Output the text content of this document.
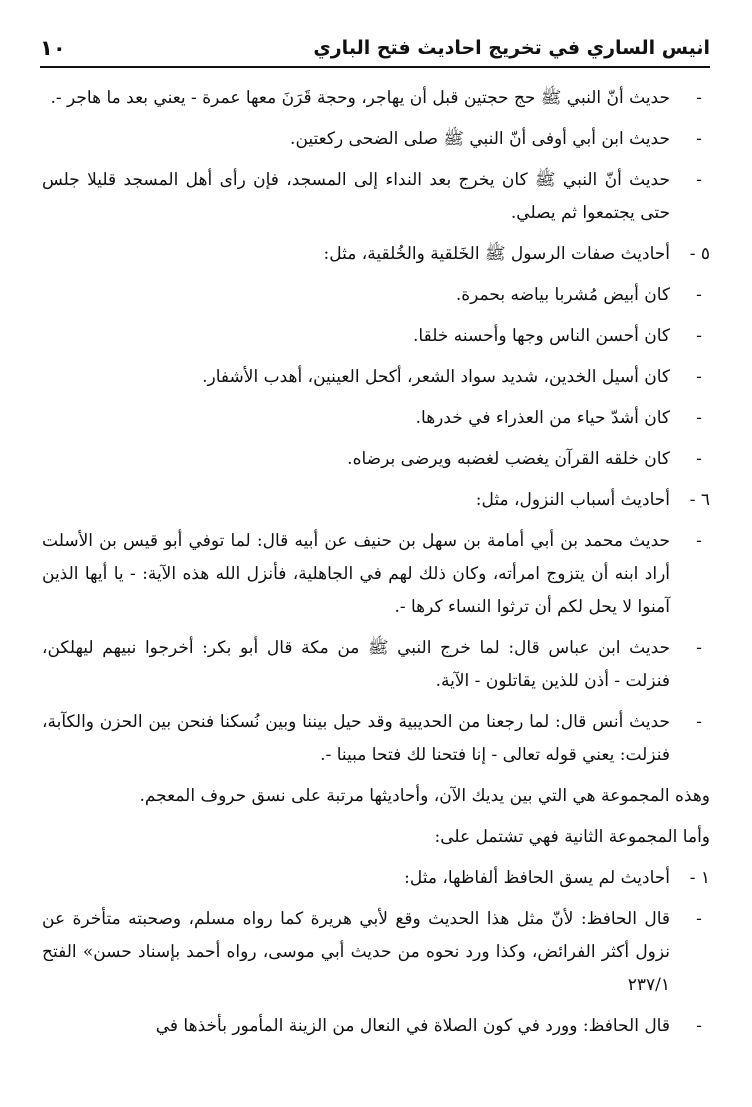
١٠	انيس الساري في تخريج احاديث فتح الباري
-
حديث أنّ النبي ﷺ حج حجتين قبل أن يهاجر، وحجة قَرَنَ معها عمرة - يعني بعد ما هاجر -.
-
حديث ابن أبي أوفى أنّ النبي ﷺ صلى الضحى ركعتين.
-
حديث أنّ النبي ﷺ كان يخرج بعد النداء إلى المسجد، فإن رأى أهل المسجد قليلا جلس حتى يجتمعوا ثم يصلي.
٥ -
أحاديث صفات الرسول ﷺ الخَلقية والخُلقية، مثل:
-
كان أبيض مُشربا بياضه بحمرة.
-
كان أحسن الناس وجها وأحسنه خلقا.
-
كان أسيل الخدين، شديد سواد الشعر، أكحل العينين، أهدب الأشفار.
-
كان أشدّ حياء من العذراء في خدرها.
-
كان خلقه القرآن يغضب لغضبه ويرضى برضاه.
٦ -
أحاديث أسباب النزول، مثل:
-
حديث محمد بن أبي أمامة بن سهل بن حنيف عن أبيه قال: لما توفي أبو قيس بن الأسلت أراد ابنه أن يتزوج امرأته، وكان ذلك لهم في الجاهلية، فأنزل الله هذه الآية: - يا أيها الذين آمنوا لا يحل لكم أن ترثوا النساء كرها -.
-
حديث ابن عباس قال: لما خرج النبي ﷺ من مكة قال أبو بكر: أخرجوا نبيهم ليهلكن، فنزلت - أذن للذين يقاتلون - الآية.
-
حديث أنس قال: لما رجعنا من الحديبية وقد حيل بيننا وبين نُسكنا فنحن بين الحزن والكآبة، فنزلت: يعني قوله تعالى - إنا فتحنا لك فتحا مبينا -.
وهذه المجموعة هي التي بين يديك الآن، وأحاديثها مرتبة على نسق حروف المعجم.
وأما المجموعة الثانية فهي تشتمل على:
١ -
أحاديث لم يسق الحافظ ألفاظها، مثل:
-
قال الحافظ: لأنّ مثل هذا الحديث وقع لأبي هريرة كما رواه مسلم، وصحبته متأخرة عن نزول أكثر الفرائض، وكذا ورد نحوه من حديث أبي موسى، رواه أحمد بإسناد حسن» الفتح ٢٣٧/١
-
قال الحافظ: وورد في كون الصلاة في النعال من الزينة المأمور بأخذها في
